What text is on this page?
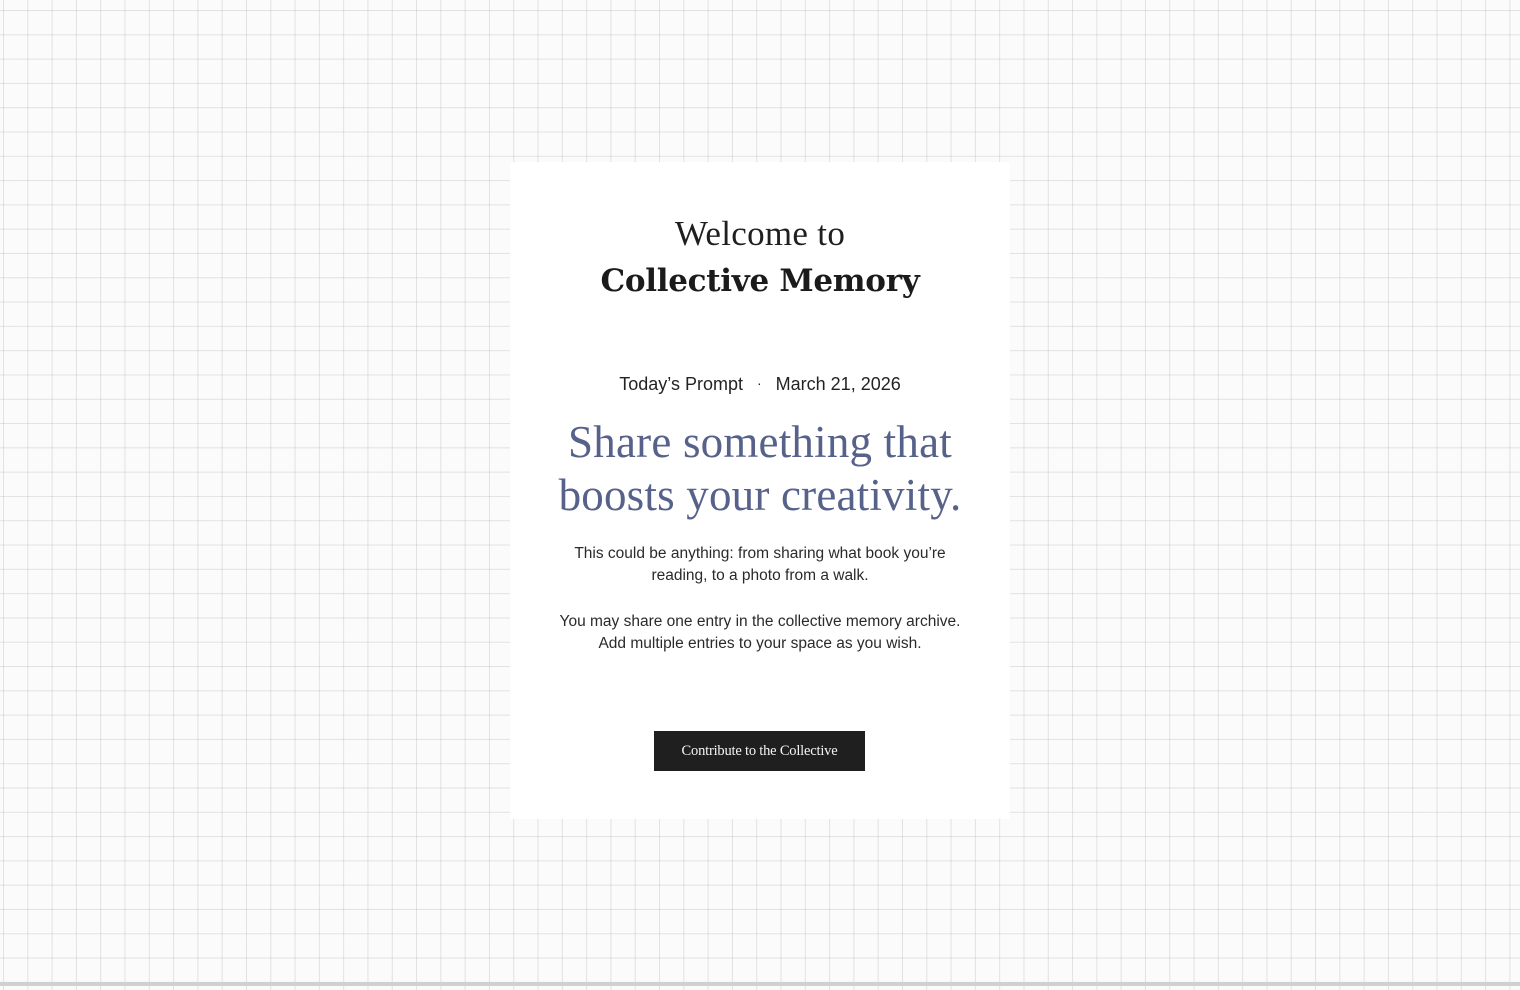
Welcome to
Collective Memory
Today’s Prompt · March 21, 2026
Share something that boosts your creativity.
This could be anything: from sharing what book you’re reading, to a photo from a walk.
You may share one entry in the collective memory archive. Add multiple entries to your space as you wish.
Contribute to the Collective
